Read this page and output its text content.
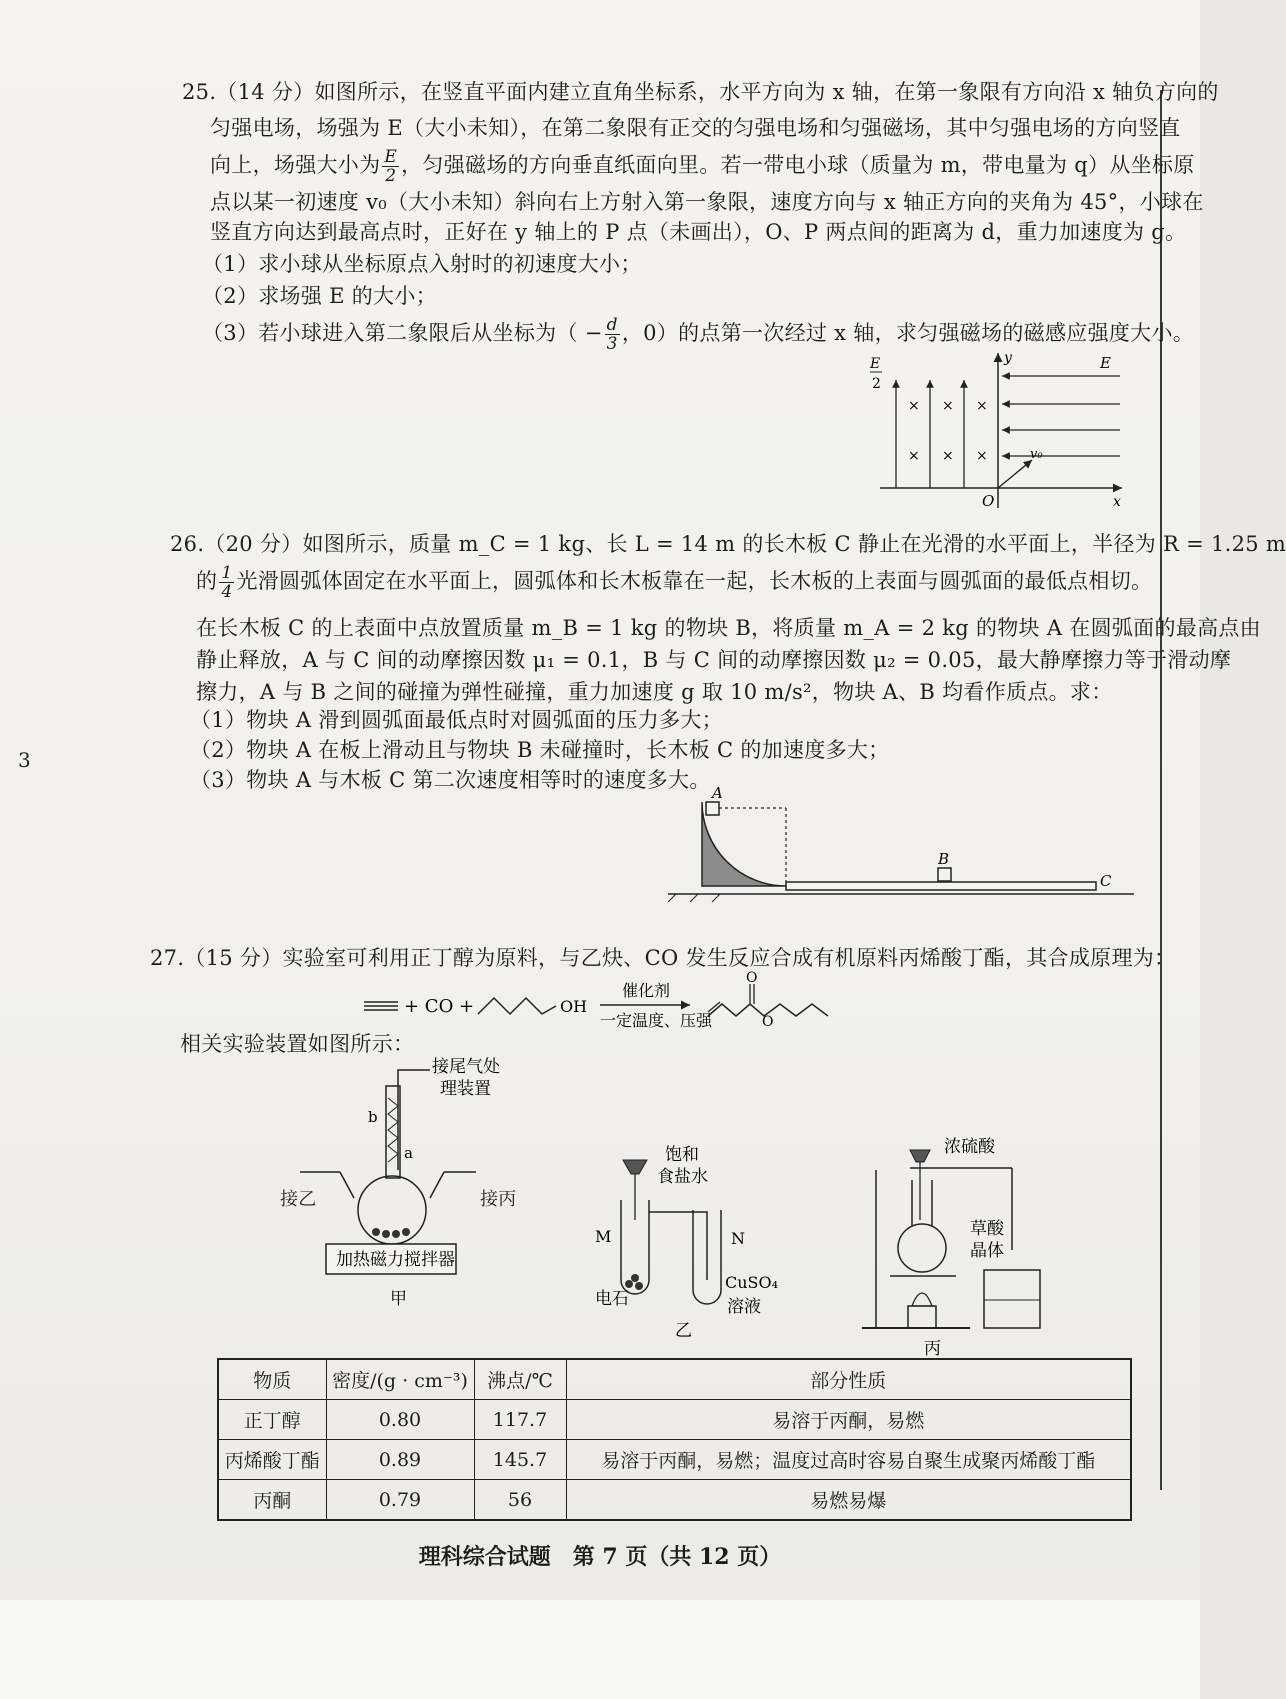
3
25.（14 分）如图所示，在竖直平面内建立直角坐标系，水平方向为 x 轴，在第一象限有方向沿 x 轴负方向的
匀强电场，场强为 E（大小未知），在第二象限有正交的匀强电场和匀强磁场，其中匀强电场的方向竖直
向上，场强大小为 $\frac{E}{2}$ ，匀强磁场的方向垂直纸面向里。若一带电小球（质量为 m，带电量为 q）从坐标原
点以某一初速度 v₀（大小未知）斜向右上方射入第一象限，速度方向与 x 轴正方向的夹角为 45°，小球在
竖直方向达到最高点时，正好在 y 轴上的 P 点（未画出），O、P 两点间的距离为 d，重力加速度为 g。
（1）求小球从坐标原点入射时的初速度大小；
（2）求场强 E 的大小；
（3）若小球进入第二象限后从坐标为（ − $\frac{d}{3}$ ，0）的点第一次经过 x 轴，求匀强磁场的磁感应强度大小。
y
x
O
E
2
× × ×
× × ×
E
v₀
26.（20 分）如图所示，质量 m_C = 1 kg、长 L = 14 m 的长木板 C 静止在光滑的水平面上，半径为 R = 1.25 m
的 $\frac{1}{4}$ 光滑圆弧体固定在水平面上，圆弧体和长木板靠在一起，长木板的上表面与圆弧面的最低点相切。
在长木板 C 的上表面中点放置质量 m_B = 1 kg 的物块 B，将质量 m_A = 2 kg 的物块 A 在圆弧面的最高点由
静止释放，A 与 C 间的动摩擦因数 μ₁ = 0.1，B 与 C 间的动摩擦因数 μ₂ = 0.05，最大静摩擦力等于滑动摩
擦力，A 与 B 之间的碰撞为弹性碰撞，重力加速度 g 取 10 m/s²，物块 A、B 均看作质点。求：
（1）物块 A 滑到圆弧面最低点时对圆弧面的压力多大；
（2）物块 A 在板上滑动且与物块 B 未碰撞时，长木板 C 的加速度多大；
（3）物块 A 与木板 C 第二次速度相等时的速度多大。
A
B
C
27.（15 分）实验室可利用正丁醇为原料，与乙炔、CO 发生反应合成有机原料丙烯酸丁酯，其合成原理为：
+ CO +	OH
催化剂
一定温度、压强
O
O
相关实验装置如图所示：
接尾气处
理装置
b
a
加热磁力搅拌器
甲
接乙	接丙
饱和
食盐水
M	N
电石
CuSO₄
溶液
乙
浓硫酸
草酸
晶体
丙
物质	密度/(g · cm⁻³)	沸点/℃	部分性质
正丁醇	0.80	117.7	易溶于丙酮，易燃
丙烯酸丁酯	0.89	145.7	易溶于丙酮，易燃；温度过高时容易自聚生成聚丙烯酸丁酯
丙酮	0.79	56	易燃易爆
理科综合试题　第 7 页（共 12 页）
